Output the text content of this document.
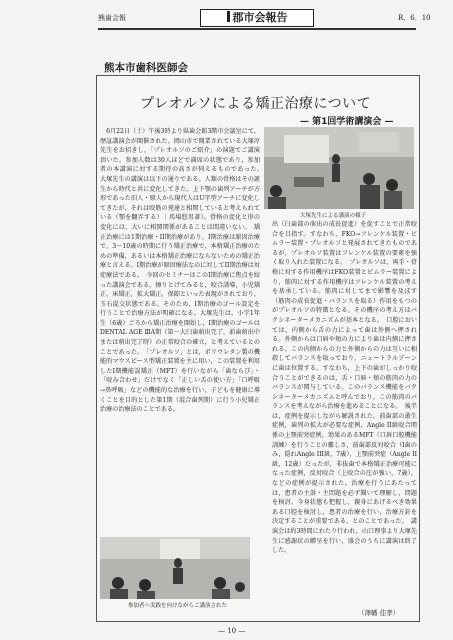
熊歯会報	郡市会報告	R．6．10
熊本市歯科医師会
プレオルソによる矯正治療について
— 第1回学術講演会 —
　6月22日（土）午後3時より県歯会館3階市会議室にて，歴証講演会が開催された。岡山市で開業されている大塚淳先生をお招きし，「プレオルソのご紹介」の演題でご講演頂いた。参加人数は30人ほどで満席の状態であり，参加者の本講演に対する期待の高さが伺えるものであった。　大塚先生の講演は以下の通りである。人類の骨格はその誕生から時代と共に変化してきた。上下顎の歯列アーチが方形であった旧人・原人から現代人はU字型アーチに変化してきたが，それは咬筋の発達と相関していると考えられている（顎を翻弄する）｜馬場悠男著）。骨格の変化と形の変化には，大いに相関関係があることは間違いない。　矯正治療には1期治療・II期治療があり，I期治療は原因治療で，3〜10歳の時期に行う矯正治療で，本格矯正治療のための準備，あるいは本格矯正治療にならないための矯正治療と言える。I期治療が原因療法なのに対してII期治療は対症療法である。　今回のセミナーはこのI期治療に焦点を絞った講演会である。擦りとげてみると，咬合誘導，小児矯正，床矯正，拡大矯正，保隙といった表現がされており，玉石混交状態である。そのため，I期治療のゴール設定を行うことで治療方法が明確になる。大塚先生は，小学1年生（6歳）ごろから矯正治療を開始し，I期治療のゴールはDENTAL AGE ⅢA期（第一大臼歯萌出完了，前歯萌出中または萌出完了時）の正常咬合の確立，と考えているとのことであった。　「プレオルソ」とは，ポリウレタン製の機能的マウスピース型矯正装置を主に用い，この装置を利用したI期機能誤矯正（MFT）を行いながら「歯ならび」・「咬み合わせ」だけでなく「正しい舌の使い方」「口呼吸→鼻呼吸」などの機能的な治療を行い，子どもを健康に導くことを目的とした第1期（混合歯列期）に行う小児矯正治療の治療法のことである。
大塚先生による講演の様子
出（臼歯部の萌出の成長促進）を促すことで正常咬合を目指す。すなわち，FKO→フレンケル装置・ビムラー装置・プレオルソと発展されてきたものであるが，プレオルソ装置はフレンケル装置の要素を強く取り入れた装置になる。　プレオルソは，両手・骨格に対する作用機序はFKO装置とビムラー装置により，筋肉に対する作用機序はフレンケル装置の考えを基承している。筋肉に対してまで影響を及ぼす（筋肉の成長促進・バランスを取る）作用をもつのがプレオルソの特徴となる。その機序の考え方はバクシネーターメカニズムが基本となる。　口腔においては，内側から舌の力によって歯は外側へ押される。外側からは口唇や頬の力により歯は内側に押される。この内側からの力と外側からの力は互いに相殺してバランスを取っており，ニュートラルゾーンに歯は位置する。すなわち，上下の歯がしっかり咬合うことができるのは，舌・口唇・頬の筋肉の力のバランスが関与している。このバランス機能をバクシネーターメカニズムと呼んでおり，この筋肉のバランスを考えながら治療を進めることになる。　後半は，症例を提示しながら解説された。前歯部の叢生症例，歯列の拡大が必要な症例，Angle II級咬合関係の上顎前突症例，効果のあるMFT（口唇口腔機能訓練）を行うことの難しさ，前歯部反対咬合（I歯のみ，隠れAngle III級，7歳），上顎前突症（Angle II級，12歳）だったが，非抜歯で本格矯正治療可能になった症例，反対咬合（上咬合の圧が強い，7歳），などの症例が提示された。治療を行うにあたっては，患者の主訴・主問題を必ず聞いて理解し，問題を検討，今身状態も把握し，親身にあげるべき効果ある口腔を検討し，患者の治療を行い，治療方針を決定することが重要である，とのことであった。　講演会は約3時間にわたり行われ，山口理事より大塚先生に感謝状の贈呈を行い，盛会のうちに講演は終了した。
参加者へ実践を向けながらご講演された
（澤幡 佳孝）
— 10 —
